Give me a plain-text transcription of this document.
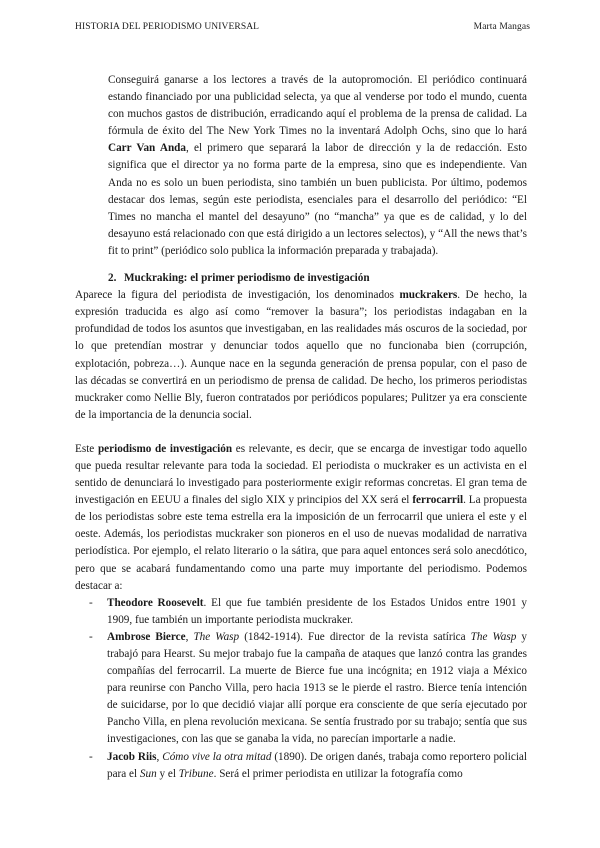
HISTORIA DEL PERIODISMO UNIVERSAL	Marta Mangas

Conseguirá ganarse a los lectores a través de la autopromoción. El periódico continuará estando financiado por una publicidad selecta, ya que al venderse por todo el mundo, cuenta con muchos gastos de distribución, erradicando aquí el problema de la prensa de calidad. La fórmula de éxito del The New York Times no la inventará Adolph Ochs, sino que lo hará Carr Van Anda, el primero que separará la labor de dirección y la de redacción. Esto significa que el director ya no forma parte de la empresa, sino que es independiente. Van Anda no es solo un buen periodista, sino también un buen publicista. Por último, podemos destacar dos lemas, según este periodista, esenciales para el desarrollo del periódico: “El Times no mancha el mantel del desayuno” (no “mancha” ya que es de calidad, y lo del desayuno está relacionado con que está dirigido a un lectores selectos), y “All the news that’s fit to print” (periódico solo publica la información preparada y trabajada).

2. Muckraking: el primer periodismo de investigación

Aparece la figura del periodista de investigación, los denominados muckrakers. De hecho, la expresión traducida es algo así como “remover la basura”; los periodistas indagaban en la profundidad de todos los asuntos que investigaban, en las realidades más oscuros de la sociedad, por lo que pretendían mostrar y denunciar todos aquello que no funcionaba bien (corrupción, explotación, pobreza…). Aunque nace en la segunda generación de prensa popular, con el paso de las décadas se convertirá en un periodismo de prensa de calidad. De hecho, los primeros periodistas muckraker como Nellie Bly, fueron contratados por periódicos populares; Pulitzer ya era consciente de la importancia de la denuncia social.

Este periodismo de investigación es relevante, es decir, que se encarga de investigar todo aquello que pueda resultar relevante para toda la sociedad. El periodista o muckraker es un activista en el sentido de denunciará lo investigado para posteriormente exigir reformas concretas. El gran tema de investigación en EEUU a finales del siglo XIX y principios del XX será el ferrocarril. La propuesta de los periodistas sobre este tema estrella era la imposición de un ferrocarril que uniera el este y el oeste. Además, los periodistas muckraker son pioneros en el uso de nuevas modalidad de narrativa periodística. Por ejemplo, el relato literario o la sátira, que para aquel entonces será solo anecdótico, pero que se acabará fundamentando como una parte muy importante del periodismo. Podemos destacar a:

- Theodore Roosevelt. El que fue también presidente de los Estados Unidos entre 1901 y 1909, fue también un importante periodista muckraker.
- Ambrose Bierce, The Wasp (1842-1914). Fue director de la revista satírica The Wasp y trabajó para Hearst. Su mejor trabajo fue la campaña de ataques que lanzó contra las grandes compañías del ferrocarril. La muerte de Bierce fue una incógnita; en 1912 viaja a México para reunirse con Pancho Villa, pero hacia 1913 se le pierde el rastro. Bierce tenía intención de suicidarse, por lo que decidió viajar allí porque era consciente de que sería ejecutado por Pancho Villa, en plena revolución mexicana. Se sentía frustrado por su trabajo; sentía que sus investigaciones, con las que se ganaba la vida, no parecían importarle a nadie.
- Jacob Riis, Cómo vive la otra mitad (1890). De origen danés, trabaja como reportero policial para el Sun y el Tribune. Será el primer periodista en utilizar la fotografía como
